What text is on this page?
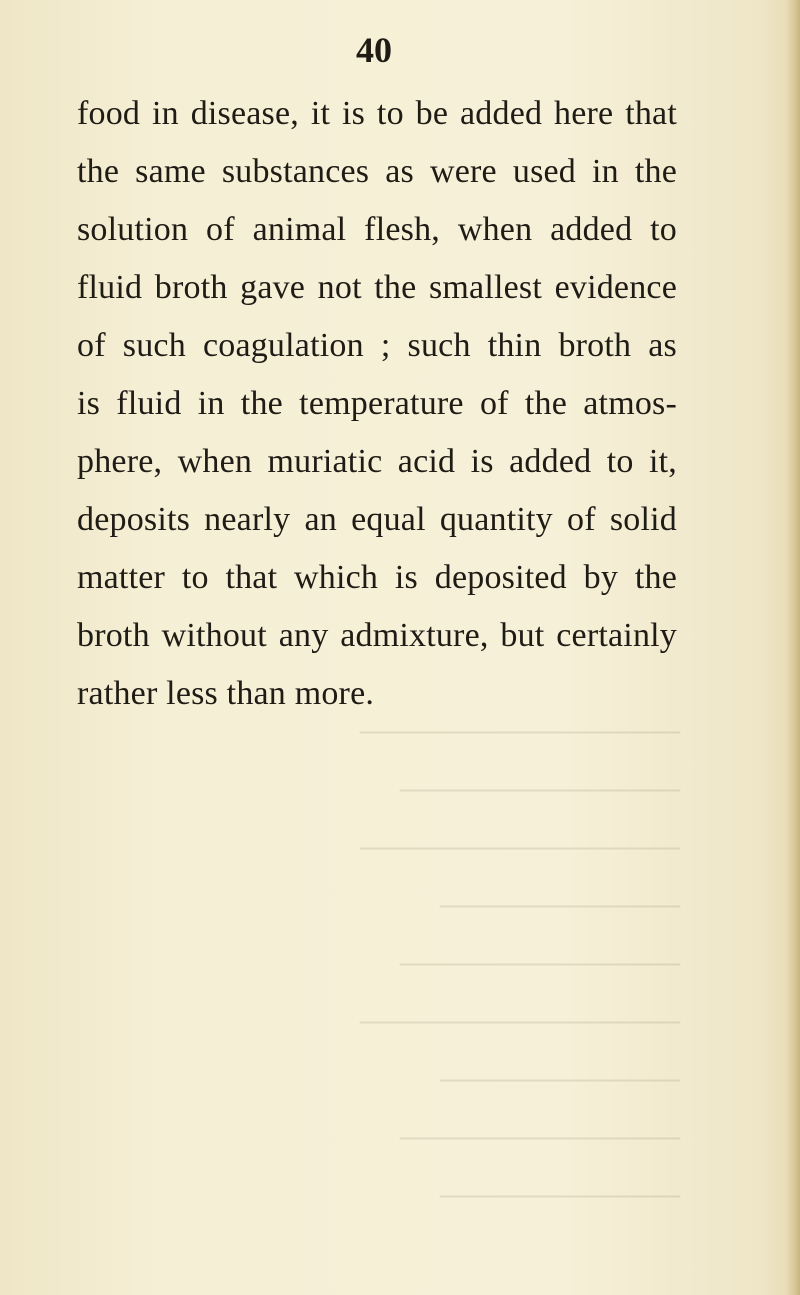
————————
———————
————————
——————
———————
————————
——————
———————
——————
40
food in disease, it is to be added here that
the same substances as were used in the
solution of animal flesh, when added to
fluid broth gave not the smallest evidence
of such coagulation ; such thin broth as
is fluid in the temperature of the atmos-
phere, when muriatic acid is added to it,
deposits nearly an equal quantity of solid
matter to that which is deposited by the
broth without any admixture, but certainly
rather less than more.
